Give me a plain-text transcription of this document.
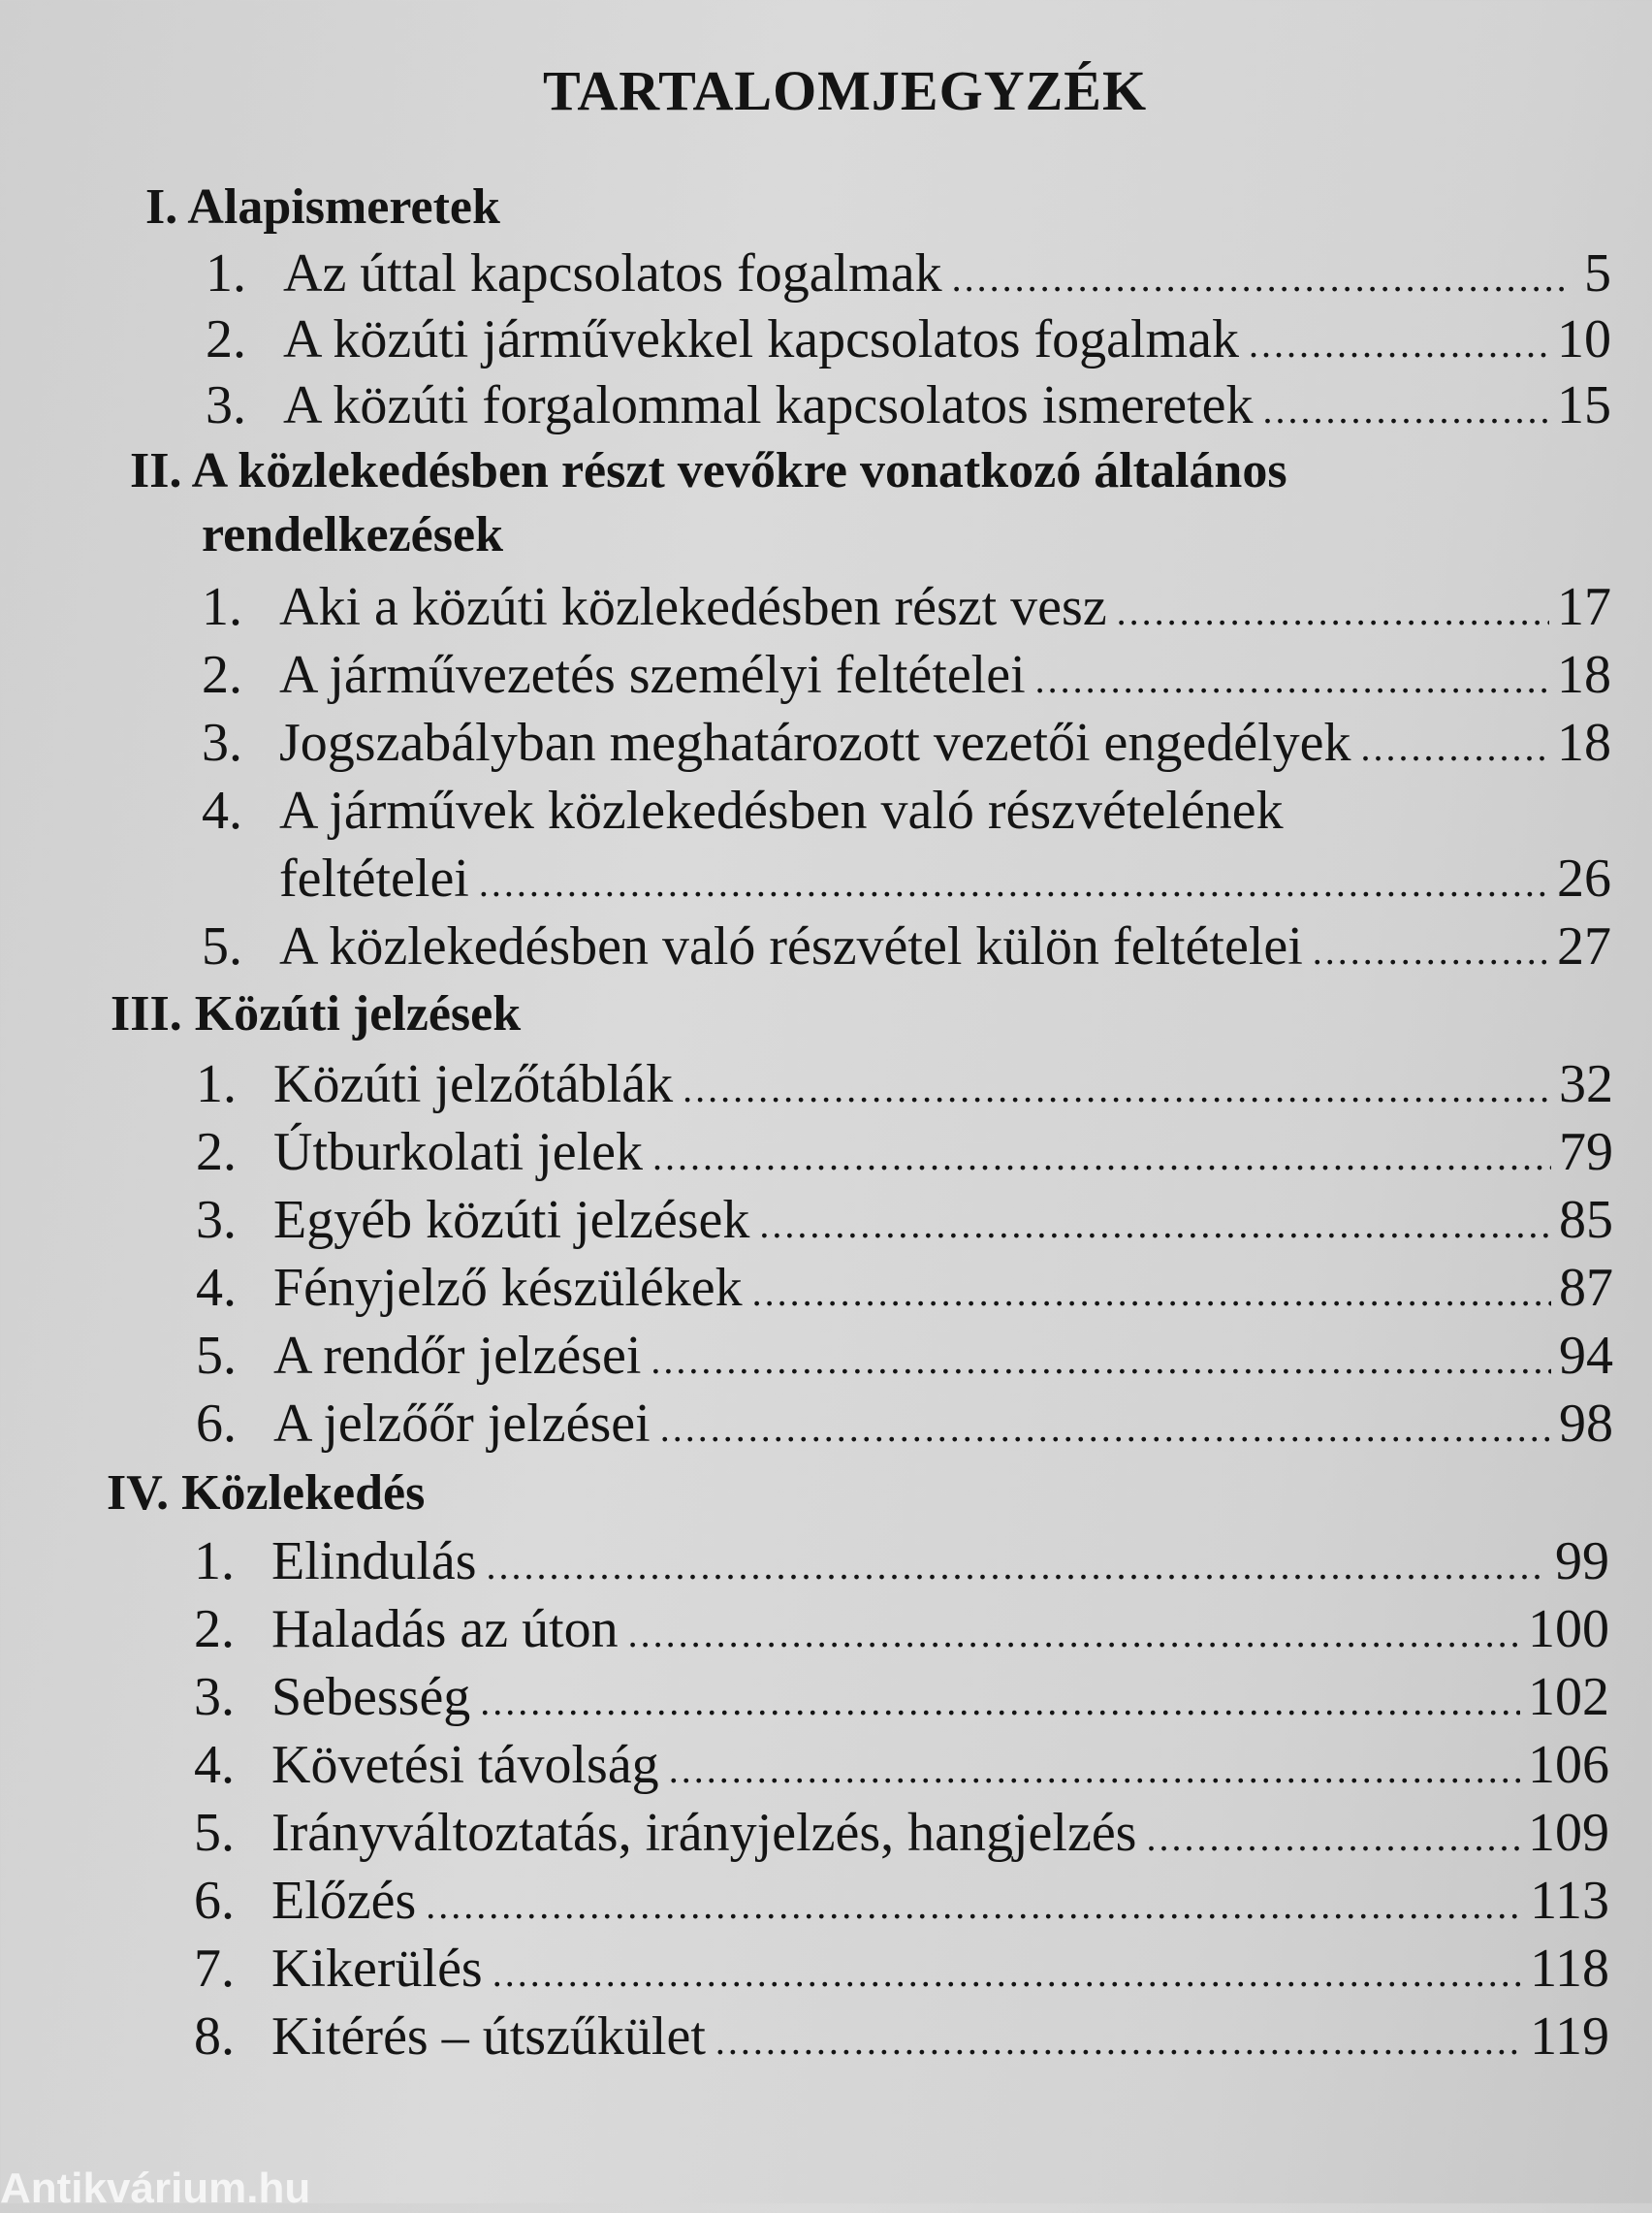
TARTALOMJEGYZÉK
I. Alapismeretek
1. Az úttal kapcsolatos fogalmak .....	5
2. A közúti járművekkel kapcsolatos fogalmak .....	10
3. A közúti forgalommal kapcsolatos ismeretek .....	15
II. A közlekedésben részt vevőkre vonatkozó általános
rendelkezések
1. Aki a közúti közlekedésben részt vesz .....	17
2. A járművezetés személyi feltételei .....	18
3. Jogszabályban meghatározott vezetői engedélyek .....	18
4. A járművek közlekedésben való részvételének
feltételei .....	26
5. A közlekedésben való részvétel külön feltételei .....	27
III. Közúti jelzések
1. Közúti jelzőtáblák .....	32
2. Útburkolati jelek .....	79
3. Egyéb közúti jelzések .....	85
4. Fényjelző készülékek .....	87
5. A rendőr jelzései .....	94
6. A jelzőőr jelzései .....	98
IV. Közlekedés
1. Elindulás .....	99
2. Haladás az úton .....	100
3. Sebesség .....	102
4. Követési távolság .....	106
5. Irányváltoztatás, irányjelzés, hangjelzés .....	109
6. Előzés .....	113
7. Kikerülés .....	118
8. Kitérés – útszűkület .....	119
Antikvárium.hu
